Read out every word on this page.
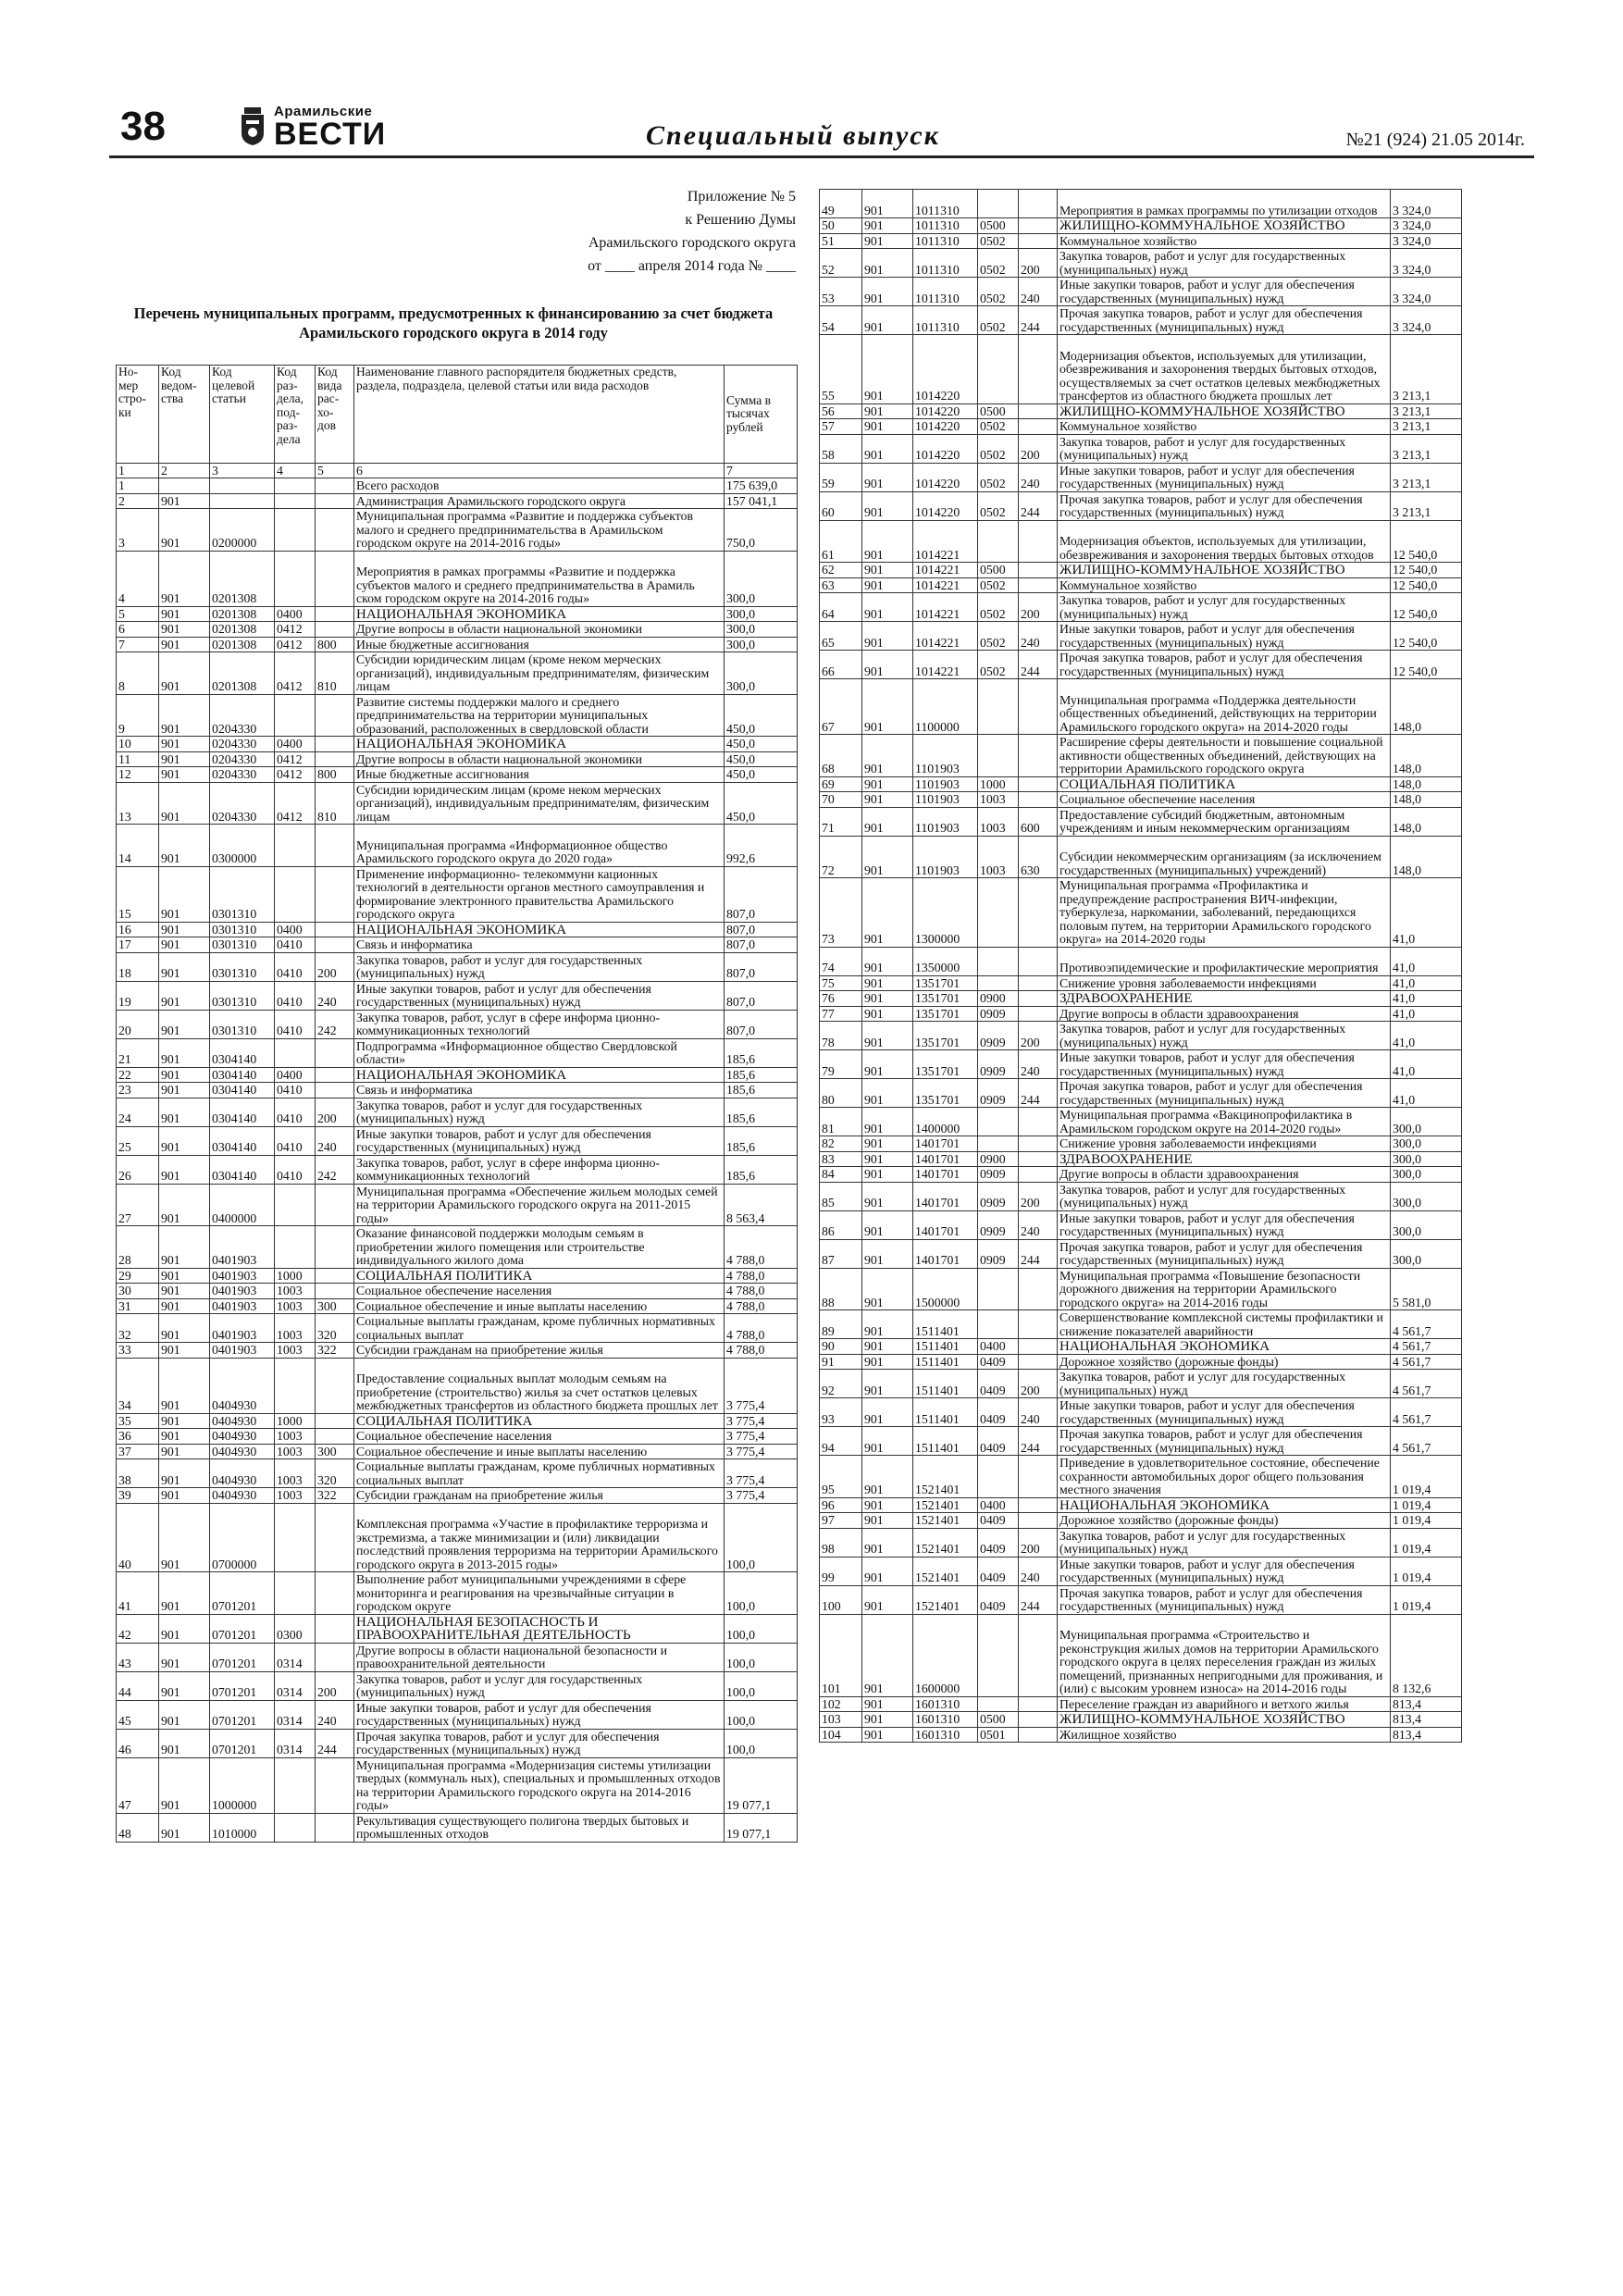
38	Арамильские
ВЕСТИ	Специальный выпуск	№21 (924) 21.05 2014г.
Приложение № 5
к Решению Думы
Арамильского городского округа
от ____ апреля 2014 года № ____
Перечень муниципальных программ, предусмотренных к финансированию за счет бюджета Арамильского городского округа в 2014 году
Но-мер стро-ки	Код ведом-ства	Код целевой статьи	Код раз-дела, под-раз-дела	Код вида рас-хо-дов	Наименование главного распорядителя бюджетных средств, раздела, подраздела, целевой статьи или вида расходов	Сумма в тысячах рублей
1	2	3	4	5	6	7
1					Всего расходов	175 639,0
2	901				Администрация Арамильского городского округа	157 041,1
3	901	0200000			Муниципальная программа «Развитие и поддержка субъектов малого и среднего предпринимательства в Арамильском городском округе на 2014-2016 годы»	750,0
4	901	0201308			Мероприятия в рамках программы «Развитие и поддержка субъектов малого и среднего предпринимательства в Арамиль ском городском округе на 2014-2016 годы»	300,0
5	901	0201308	0400		НАЦИОНАЛЬНАЯ ЭКОНОМИКА	300,0
6	901	0201308	0412		Другие вопросы в области национальной экономики	300,0
7	901	0201308	0412	800	Иные бюджетные ассигнования	300,0
8	901	0201308	0412	810	Субсидии юридическим лицам (кроме неком мерческих организаций), индивидуальным предпринимателям, физическим лицам	300,0
9	901	0204330			Развитие системы поддержки малого и среднего предпринимательства на территории муниципальных образований, расположенных в свердловской области	450,0
10	901	0204330	0400		НАЦИОНАЛЬНАЯ ЭКОНОМИКА	450,0
11	901	0204330	0412		Другие вопросы в области национальной экономики	450,0
12	901	0204330	0412	800	Иные бюджетные ассигнования	450,0
13	901	0204330	0412	810	Субсидии юридическим лицам (кроме неком мерческих организаций), индивидуальным предпринимателям, физическим лицам	450,0
14	901	0300000			Муниципальная программа «Информационное общество Арамильского городского округа до 2020 года»	992,6
15	901	0301310			Применение информационно- телекоммуни кационных технологий в деятельности органов местного самоуправления и формирование электронного правительства Арамильского городского округа	807,0
16	901	0301310	0400		НАЦИОНАЛЬНАЯ ЭКОНОМИКА	807,0
17	901	0301310	0410		Связь и информатика	807,0
18	901	0301310	0410	200	Закупка товаров, работ и услуг для государственных (муниципальных) нужд	807,0
19	901	0301310	0410	240	Иные закупки товаров, работ и услуг для обеспечения государственных (муниципальных) нужд	807,0
20	901	0301310	0410	242	Закупка товаров, работ, услуг в сфере информа ционно-коммуникационных технологий	807,0
21	901	0304140			Подпрограмма «Информационное общество Свердловской области»	185,6
22	901	0304140	0400		НАЦИОНАЛЬНАЯ ЭКОНОМИКА	185,6
23	901	0304140	0410		Связь и информатика	185,6
24	901	0304140	0410	200	Закупка товаров, работ и услуг для государственных (муниципальных) нужд	185,6
25	901	0304140	0410	240	Иные закупки товаров, работ и услуг для обеспечения государственных (муниципальных) нужд	185,6
26	901	0304140	0410	242	Закупка товаров, работ, услуг в сфере информа ционно-коммуникационных технологий	185,6
27	901	0400000			Муниципальная программа «Обеспечение жильем молодых семей на территории Арамильского городского округа на 2011-2015 годы»	8 563,4
28	901	0401903			Оказание финансовой поддержки молодым семьям в приобретении жилого помещения или строительстве индивидуального жилого дома	4 788,0
29	901	0401903	1000		СОЦИАЛЬНАЯ ПОЛИТИКА	4 788,0
30	901	0401903	1003		Социальное обеспечение населения	4 788,0
31	901	0401903	1003	300	Социальное обеспечение и иные выплаты населению	4 788,0
32	901	0401903	1003	320	Социальные выплаты гражданам, кроме публичных нормативных социальных выплат	4 788,0
33	901	0401903	1003	322	Субсидии гражданам на приобретение жилья	4 788,0
34	901	0404930			Предоставление социальных выплат молодым семьям на приобретение (строительство) жилья за счет остатков целевых межбюджетных трансфертов из областного бюджета прошлых лет	3 775,4
35	901	0404930	1000		СОЦИАЛЬНАЯ ПОЛИТИКА	3 775,4
36	901	0404930	1003		Социальное обеспечение населения	3 775,4
37	901	0404930	1003	300	Социальное обеспечение и иные выплаты населению	3 775,4
38	901	0404930	1003	320	Социальные выплаты гражданам, кроме публичных нормативных социальных выплат	3 775,4
39	901	0404930	1003	322	Субсидии гражданам на приобретение жилья	3 775,4
40	901	0700000			Комплексная программа «Участие в профилактике терроризма и экстремизма, а также минимизации и (или) ликвидации последствий проявления терроризма на территории Арамильского городского округа в 2013-2015 годы»	100,0
41	901	0701201			Выполнение работ муниципальными учреждениями в сфере мониторинга и реагирования на чрезвычайные ситуации в городском округе	100,0
42	901	0701201	0300		НАЦИОНАЛЬНАЯ БЕЗОПАСНОСТЬ И ПРАВООХРАНИТЕЛЬНАЯ ДЕЯТЕЛЬНОСТЬ	100,0
43	901	0701201	0314		Другие вопросы в области национальной безопасности и правоохранительной деятельности	100,0
44	901	0701201	0314	200	Закупка товаров, работ и услуг для государственных (муниципальных) нужд	100,0
45	901	0701201	0314	240	Иные закупки товаров, работ и услуг для обеспечения государственных (муниципальных) нужд	100,0
46	901	0701201	0314	244	Прочая закупка товаров, работ и услуг для обеспечения государственных (муниципальных) нужд	100,0
47	901	1000000			Муниципальная программа «Модернизация системы утилизации твердых (коммуналь ных), специальных и промышленных отходов на территории Арамильского городского округа на 2014-2016 годы»	19 077,1
48	901	1010000			Рекультивация существующего полигона твердых бытовых и промышленных отходов	19 077,1
49	901	1011310			Мероприятия в рамках программы по утилизации отходов	3 324,0
50	901	1011310	0500		ЖИЛИЩНО-КОММУНАЛЬНОЕ ХОЗЯЙСТВО	3 324,0
51	901	1011310	0502		Коммунальное хозяйство	3 324,0
52	901	1011310	0502	200	Закупка товаров, работ и услуг для государственных (муниципальных) нужд	3 324,0
53	901	1011310	0502	240	Иные закупки товаров, работ и услуг для обеспечения государственных (муниципальных) нужд	3 324,0
54	901	1011310	0502	244	Прочая закупка товаров, работ и услуг для обеспечения государственных (муниципальных) нужд	3 324,0
55	901	1014220			Модернизация объектов, используемых для утилизации, обезвреживания и захоронения твердых бытовых отходов, осуществляемых за счет остатков целевых межбюджетных трансфертов из областного бюджета прошлых лет	3 213,1
56	901	1014220	0500		ЖИЛИЩНО-КОММУНАЛЬНОЕ ХОЗЯЙСТВО	3 213,1
57	901	1014220	0502		Коммунальное хозяйство	3 213,1
58	901	1014220	0502	200	Закупка товаров, работ и услуг для государственных (муниципальных) нужд	3 213,1
59	901	1014220	0502	240	Иные закупки товаров, работ и услуг для обеспечения государственных (муниципальных) нужд	3 213,1
60	901	1014220	0502	244	Прочая закупка товаров, работ и услуг для обеспечения государственных (муниципальных) нужд	3 213,1
61	901	1014221			Модернизация объектов, используемых для утилизации, обезвреживания и захоронения твердых бытовых отходов	12 540,0
62	901	1014221	0500		ЖИЛИЩНО-КОММУНАЛЬНОЕ ХОЗЯЙСТВО	12 540,0
63	901	1014221	0502		Коммунальное хозяйство	12 540,0
64	901	1014221	0502	200	Закупка товаров, работ и услуг для государственных (муниципальных) нужд	12 540,0
65	901	1014221	0502	240	Иные закупки товаров, работ и услуг для обеспечения государственных (муниципальных) нужд	12 540,0
66	901	1014221	0502	244	Прочая закупка товаров, работ и услуг для обеспечения государственных (муниципальных) нужд	12 540,0
67	901	1100000			Муниципальная программа «Поддержка деятельности общественных объединений, действующих на территории Арамильского городского округа» на 2014-2020 годы	148,0
68	901	1101903			Расширение сферы деятельности и повышение социальной активности общественных объединений, действующих на территории Арамильского городского округа	148,0
69	901	1101903	1000		СОЦИАЛЬНАЯ ПОЛИТИКА	148,0
70	901	1101903	1003		Социальное обеспечение населения	148,0
71	901	1101903	1003	600	Предоставление субсидий бюджетным, автономным учреждениям и иным некоммерческим организациям	148,0
72	901	1101903	1003	630	Субсидии некоммерческим организациям (за исключением государственных (муниципальных) учреждений)	148,0
73	901	1300000			Муниципальная программа «Профилактика и предупреждение распространения ВИЧ-инфекции, туберкулеза, наркомании, заболеваний, передающихся половым путем, на территории Арамильского городского округа» на 2014-2020 годы	41,0
74	901	1350000			Противоэпидемические и профилактические мероприятия	41,0
75	901	1351701			Снижение уровня заболеваемости инфекциями	41,0
76	901	1351701	0900		ЗДРАВООХРАНЕНИЕ	41,0
77	901	1351701	0909		Другие вопросы в области здравоохранения	41,0
78	901	1351701	0909	200	Закупка товаров, работ и услуг для государственных (муниципальных) нужд	41,0
79	901	1351701	0909	240	Иные закупки товаров, работ и услуг для обеспечения государственных (муниципальных) нужд	41,0
80	901	1351701	0909	244	Прочая закупка товаров, работ и услуг для обеспечения государственных (муниципальных) нужд	41,0
81	901	1400000			Муниципальная программа «Вакцинопрофилактика в Арамильском городском округе на 2014-2020 годы»	300,0
82	901	1401701			Снижение уровня заболеваемости инфекциями	300,0
83	901	1401701	0900		ЗДРАВООХРАНЕНИЕ	300,0
84	901	1401701	0909		Другие вопросы в области здравоохранения	300,0
85	901	1401701	0909	200	Закупка товаров, работ и услуг для государственных (муниципальных) нужд	300,0
86	901	1401701	0909	240	Иные закупки товаров, работ и услуг для обеспечения государственных (муниципальных) нужд	300,0
87	901	1401701	0909	244	Прочая закупка товаров, работ и услуг для обеспечения государственных (муниципальных) нужд	300,0
88	901	1500000			Муниципальная программа «Повышение безопасности дорожного движения на территории Арамильского городского округа» на 2014-2016 годы	5 581,0
89	901	1511401			Совершенствование комплексной системы профилактики и снижение показателей аварийности	4 561,7
90	901	1511401	0400		НАЦИОНАЛЬНАЯ ЭКОНОМИКА	4 561,7
91	901	1511401	0409		Дорожное хозяйство (дорожные фонды)	4 561,7
92	901	1511401	0409	200	Закупка товаров, работ и услуг для государственных (муниципальных) нужд	4 561,7
93	901	1511401	0409	240	Иные закупки товаров, работ и услуг для обеспечения государственных (муниципальных) нужд	4 561,7
94	901	1511401	0409	244	Прочая закупка товаров, работ и услуг для обеспечения государственных (муниципальных) нужд	4 561,7
95	901	1521401			Приведение в удовлетворительное состояние, обеспечение сохранности автомобильных дорог общего пользования местного значения	1 019,4
96	901	1521401	0400		НАЦИОНАЛЬНАЯ ЭКОНОМИКА	1 019,4
97	901	1521401	0409		Дорожное хозяйство (дорожные фонды)	1 019,4
98	901	1521401	0409	200	Закупка товаров, работ и услуг для государственных (муниципальных) нужд	1 019,4
99	901	1521401	0409	240	Иные закупки товаров, работ и услуг для обеспечения государственных (муниципальных) нужд	1 019,4
100	901	1521401	0409	244	Прочая закупка товаров, работ и услуг для обеспечения государственных (муниципальных) нужд	1 019,4
101	901	1600000			Муниципальная программа «Строительство и реконструкция жилых домов на территории Арамильского городского округа в целях переселения граждан из жилых помещений, признанных непригодными для проживания, и (или) с высоким уровнем износа» на 2014-2016 годы	8 132,6
102	901	1601310			Переселение граждан из аварийного и ветхого жилья	813,4
103	901	1601310	0500		ЖИЛИЩНО-КОММУНАЛЬНОЕ ХОЗЯЙСТВО	813,4
104	901	1601310	0501		Жилищное хозяйство	813,4
